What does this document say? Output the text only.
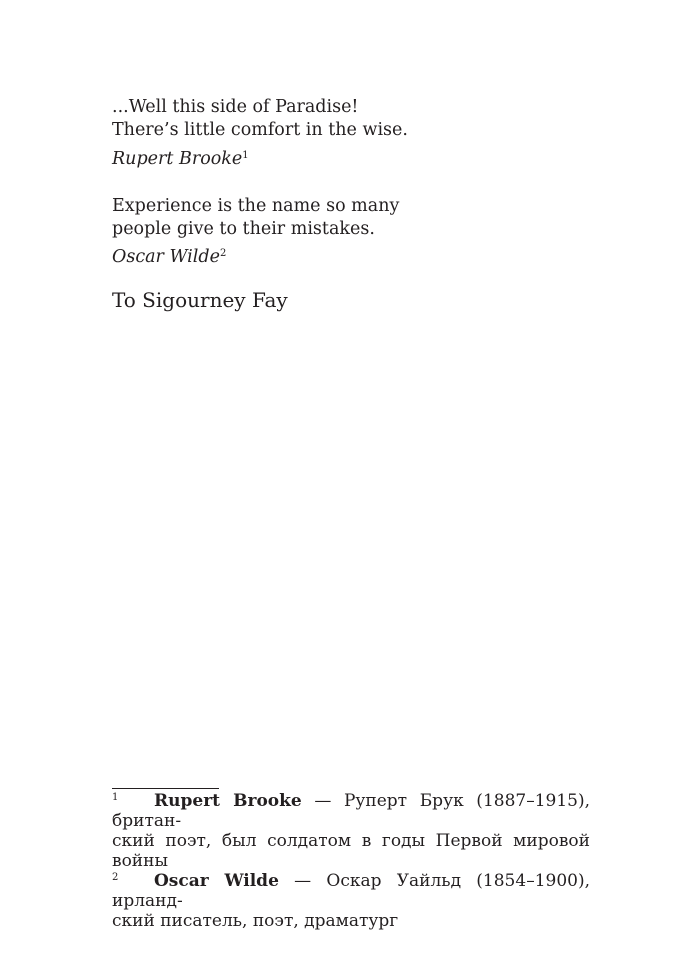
...Well this side of Paradise!

There’s little comfort in the wise.

Rupert Brooke$^1$

Experience is the name so many

people give to their mistakes.

Oscar Wilde$^2$
To Sigourney Fay

1 Rupert Brooke — Руперт Брук (1887–1915), британ-
ский поэт, был солдатом в годы Первой мировой войны

2 Oscar Wilde — Оскар Уайльд (1854–1900), ирланд-
ский писатель, поэт, драматург
